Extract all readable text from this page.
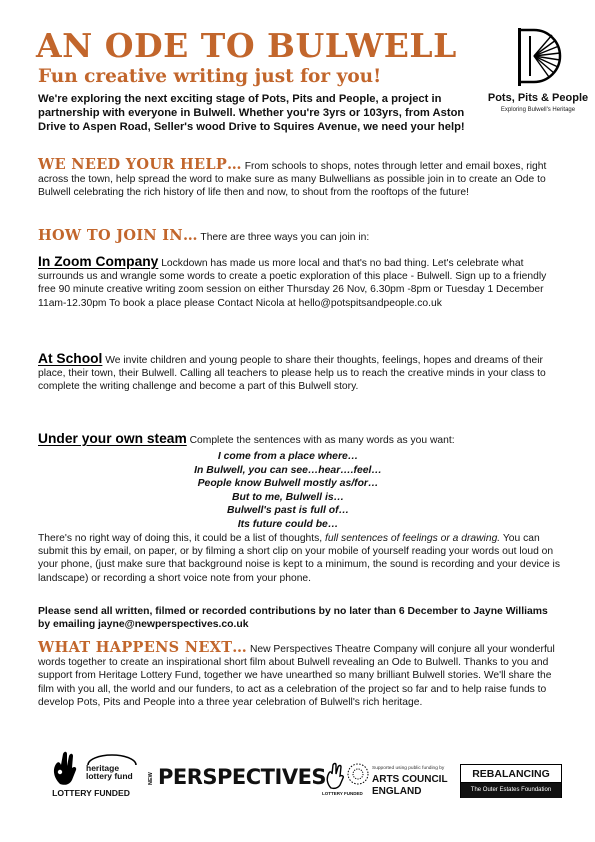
AN ODE TO BULWELL
Fun creative writing just for you!
We're exploring the next exciting stage of Pots, Pits and People, a project in partnership with everyone in Bulwell. Whether you're 3yrs or 103yrs, from Aston Drive to Aspen Road, Seller's wood Drive to Squires Avenue, we need your help!
Pots, Pits & People
Exploring Bulwell's Heritage
WE NEED YOUR HELP… From schools to shops, notes through letter and email boxes, right across the town, help spread the word to make sure as many Bulwellians as possible join in to create an Ode to Bulwell celebrating the rich history of life then and now, to shout from the rooftops of the future!
HOW TO JOIN IN… There are three ways you can join in:
In Zoom Company Lockdown has made us more local and that's no bad thing. Let's celebrate what surrounds us and wrangle some words to create a poetic exploration of this place - Bulwell. Sign up to a friendly free 90 minute creative writing zoom session on either Thursday 26 Nov, 6.30pm -8pm or Tuesday 1 December 11am-12.30pm To book a place please Contact Nicola at hello@potspitsandpeople.co.uk
At School We invite children and young people to share their thoughts, feelings, hopes and dreams of their place, their town, their Bulwell. Calling all teachers to please help us to reach the creative minds in your class to complete the writing challenge and become a part of this Bulwell story.
Under your own steam Complete the sentences with as many words as you want:
I come from a place where…
In Bulwell, you can see…hear….feel…
People know Bulwell mostly as/for…
But to me, Bulwell is…
Bulwell's past is full of…
Its future could be…
There's no right way of doing this, it could be a list of thoughts, full sentences of feelings or a drawing. You can submit this by email, on paper, or by filming a short clip on your mobile of yourself reading your words out loud on your phone, (just make sure that background noise is kept to a minimum, the sound is recording and your device is landscape) or recording a short voice note from your phone.
Please send all written, filmed or recorded contributions by no later than 6 December to Jayne Williams by emailing jayne@newperspectives.co.uk
WHAT HAPPENS NEXT… New Perspectives Theatre Company will conjure all your wonderful words together to create an inspirational short film about Bulwell revealing an Ode to Bulwell. Thanks to you and support from Heritage Lottery Fund, together we have unearthed so many brilliant Bulwell stories. We'll share the film with you all, the world and our funders, to act as a celebration of the project so far and to help raise funds to develop Pots, Pits and People into a three year celebration of Bulwell's rich heritage.
heritage
lottery fund
LOTTERY FUNDED
NEW PERSPECTIVES	Supported using public funding by
ARTS COUNCIL
ENGLAND
LOTTERY FUNDED
REBALANCING
The Outer Estates Foundation
